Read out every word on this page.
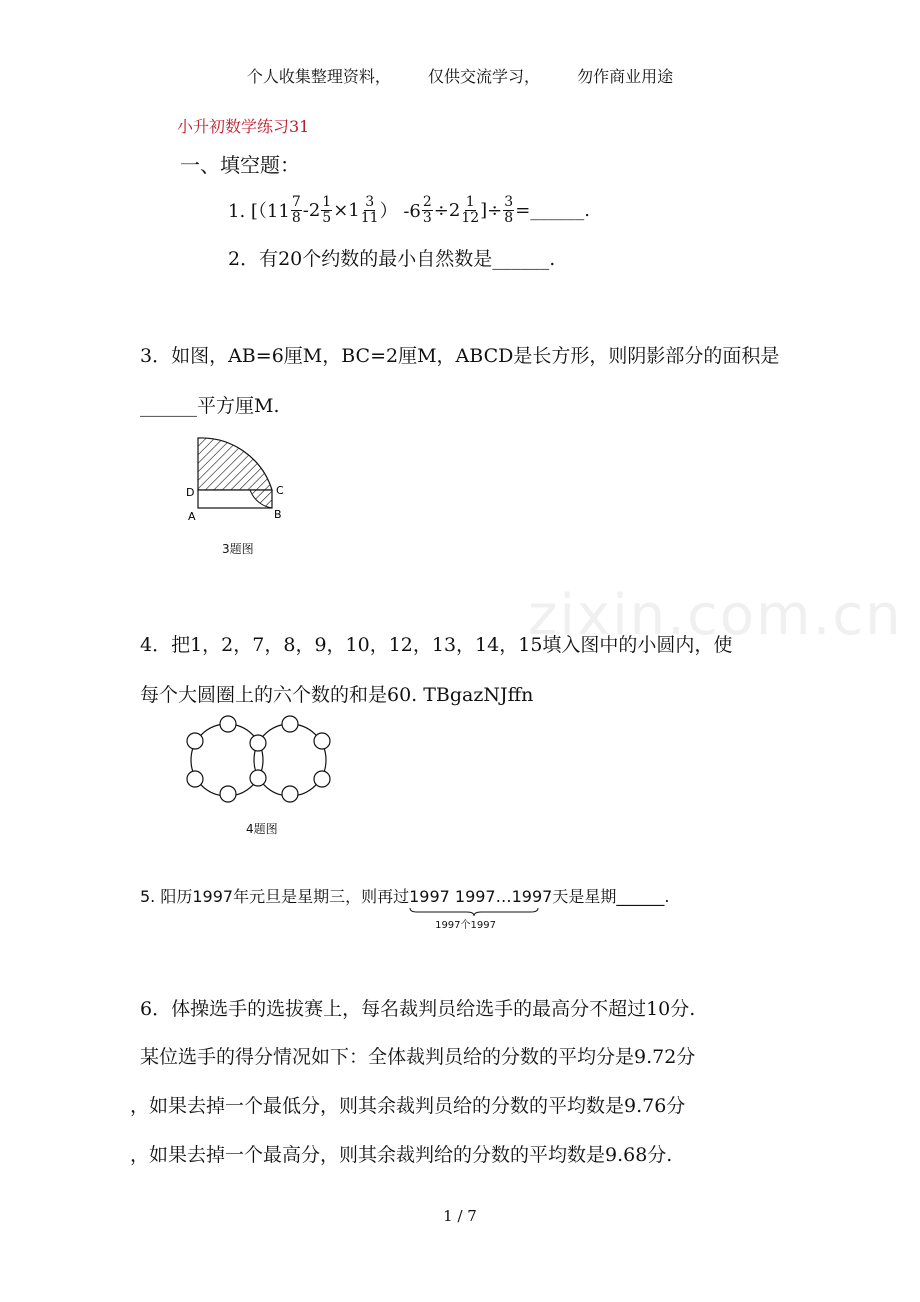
zixin.com.cn
个人收集整理资料， 仅供交流学习， 勿作商业用途
小升初数学练习31
一、填空题：
1. [（$11 \frac{7}{8} -2 \frac{1}{5} \times 1 \frac{3}{11}$ ） $-6 \frac{2}{3} \div 2 \frac{1}{12}$ ]÷ $\frac{3}{8}$ =______.
2．有20个约数的最小自然数是______.
3．如图，AB=6厘M，BC=2厘M，ABCD是长方形，则阴影部分的面积是
______平方厘M.
D
A
C
B
3题图
4．把1，2，7，8，9，10，12，13，14，15填入图中的小圆内，使
每个大圆圈上的六个数的和是60. TBgazNJffn
4题图
5. 阳历1997年元旦是星期三，则再过1997 1997…1997
1997个1997
天是星期______.
6．体操选手的选拔赛上，每名裁判员给选手的最高分不超过10分.
某位选手的得分情况如下：全体裁判员给的分数的平均分是9.72分
，如果去掉一个最低分，则其余裁判员给的分数的平均数是9.76分
，如果去掉一个最高分，则其余裁判给的分数的平均数是9.68分.
1 / 7
